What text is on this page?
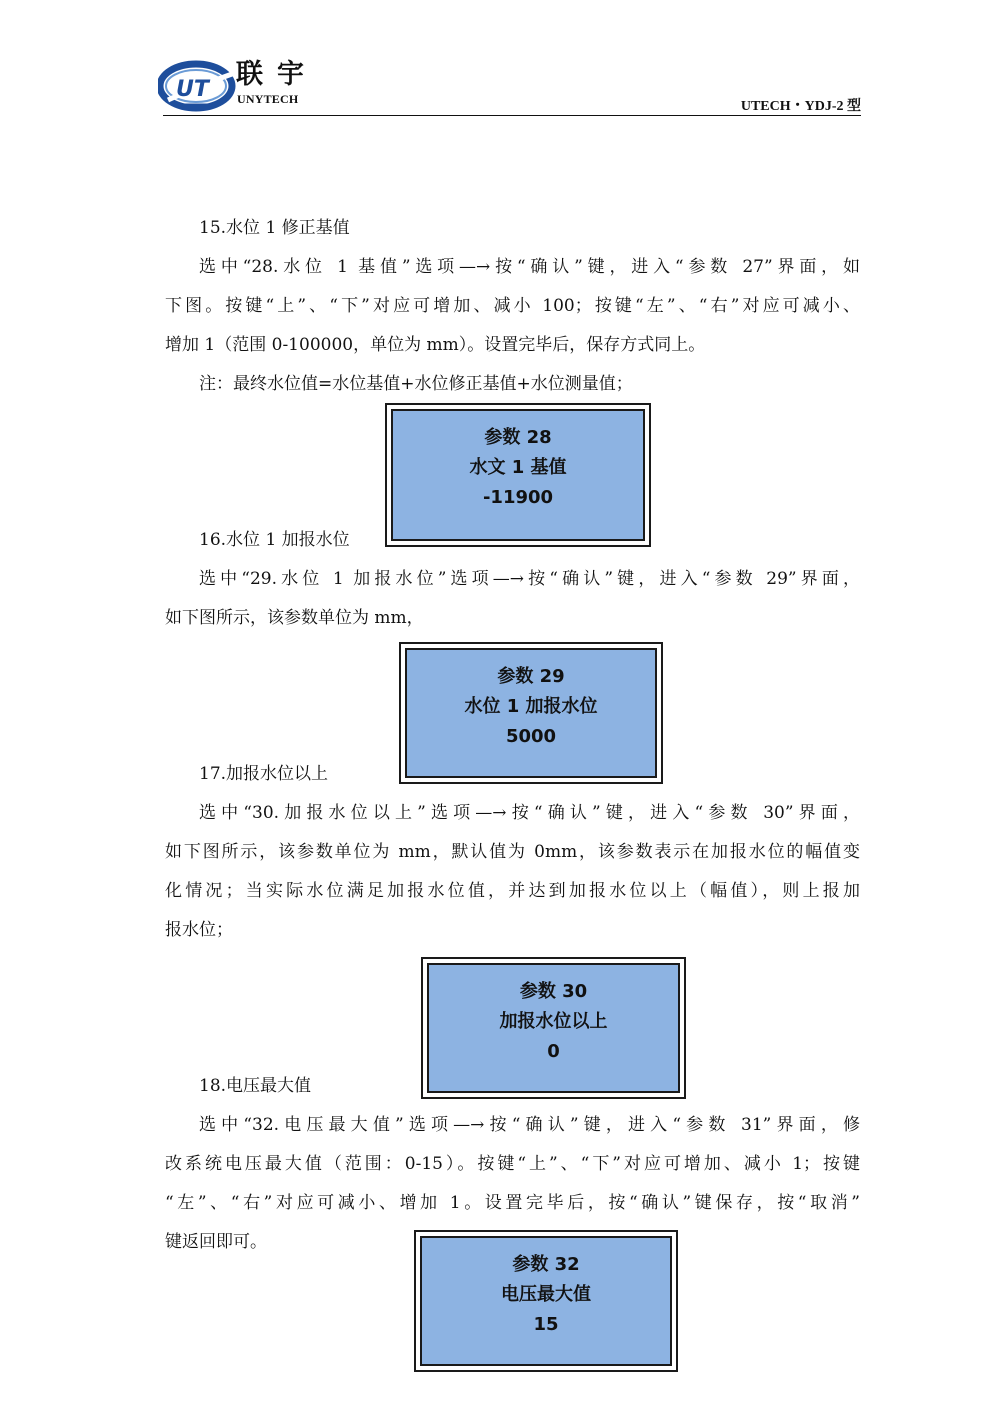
UT 联宇
UNYTECH	UTECH・YDJ-2 型
15.水位 1 修正基值
选中“28.水位 1 基值”选项—→按“确认”键，进入“参数 27”界面，如
下图。按键“上”、“下”对应可增加、减小 100；按键“左”、“右”对应可减小、
增加 1（范围 0-100000，单位为 mm）。设置完毕后，保存方式同上。
注：最终水位值=水位基值+水位修正基值+水位测量值；
参数 28
水文 1 基值
-11900
16.水位 1 加报水位
选中“29.水位 1 加报水位”选项—→按“确认”键，进入“参数 29”界面，
如下图所示，该参数单位为 mm，
参数 29
水位 1 加报水位
5000
17.加报水位以上
选中“30.加报水位以上”选项—→按“确认”键，进入“参数 30”界面，
如下图所示，该参数单位为 mm，默认值为 0mm，该参数表示在加报水位的幅值变
化情况；当实际水位满足加报水位值，并达到加报水位以上（幅值），则上报加
报水位；
参数 30
加报水位以上
0
18.电压最大值
选中“32.电压最大值”选项—→按“确认”键，进入“参数 31”界面，修
改系统电压最大值（范围：0-15）。按键“上”、“下”对应可增加、减小 1；按键
“左”、“右”对应可减小、增加 1。设置完毕后，按“确认”键保存，按“取消”
键返回即可。
参数 32
电压最大值
15
